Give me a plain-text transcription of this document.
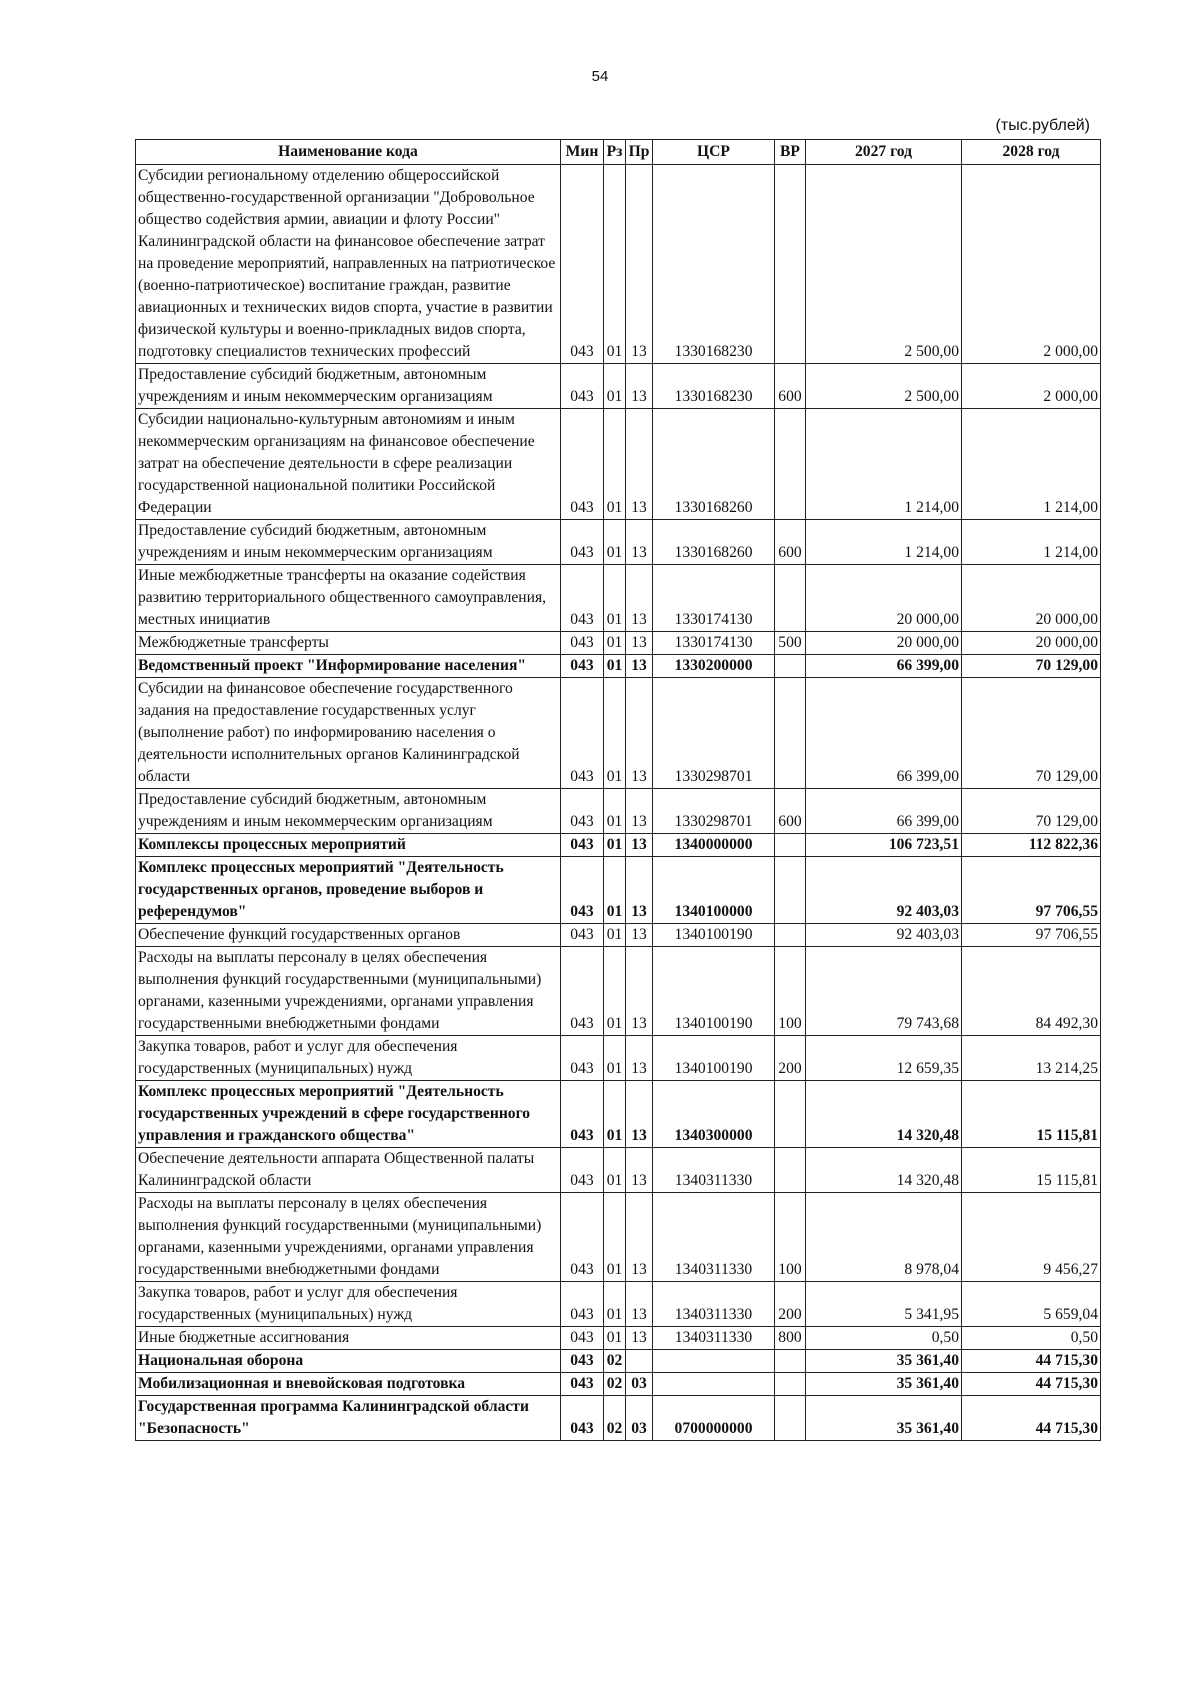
54
(тыс.рублей)
Наименование кода	Мин	Рз	Пр	ЦСР	ВР	2027 год	2028 год
Субсидии региональному отделению общероссийской общественно-государственной организации "Добровольное общество содействия армии, авиации и флоту России" Калининградской области на финансовое обеспечение затрат на проведение мероприятий, направленных на патриотическое (военно-патриотическое) воспитание граждан, развитие авиационных и технических видов спорта, участие в развитии физической культуры и военно-прикладных видов спорта, подготовку специалистов технических профессий	043	01	13	1330168230		2 500,00	2 000,00
Предоставление субсидий бюджетным, автономным учреждениям и иным некоммерческим организациям	043	01	13	1330168230	600	2 500,00	2 000,00
Субсидии национально-культурным автономиям и иным некоммерческим организациям на финансовое обеспечение затрат на обеспечение деятельности в сфере реализации государственной национальной политики Российской Федерации	043	01	13	1330168260		1 214,00	1 214,00
Предоставление субсидий бюджетным, автономным учреждениям и иным некоммерческим организациям	043	01	13	1330168260	600	1 214,00	1 214,00
Иные межбюджетные трансферты на оказание содействия развитию территориального общественного самоуправления, местных инициатив	043	01	13	1330174130		20 000,00	20 000,00
Межбюджетные трансферты	043	01	13	1330174130	500	20 000,00	20 000,00
Ведомственный проект "Информирование населения"	043	01	13	1330200000		66 399,00	70 129,00
Субсидии на финансовое обеспечение государственного задания на предоставление государственных услуг (выполнение работ) по информированию населения о деятельности исполнительных органов Калининградской области	043	01	13	1330298701		66 399,00	70 129,00
Предоставление субсидий бюджетным, автономным учреждениям и иным некоммерческим организациям	043	01	13	1330298701	600	66 399,00	70 129,00
Комплексы процессных мероприятий	043	01	13	1340000000		106 723,51	112 822,36
Комплекс процессных мероприятий "Деятельность государственных органов, проведение выборов и референдумов"	043	01	13	1340100000		92 403,03	97 706,55
Обеспечение функций государственных органов	043	01	13	1340100190		92 403,03	97 706,55
Расходы на выплаты персоналу в целях обеспечения выполнения функций государственными (муниципальными) органами, казенными учреждениями, органами управления государственными внебюджетными фондами	043	01	13	1340100190	100	79 743,68	84 492,30
Закупка товаров, работ и услуг для обеспечения государственных (муниципальных) нужд	043	01	13	1340100190	200	12 659,35	13 214,25
Комплекс процессных мероприятий "Деятельность государственных учреждений в сфере государственного управления и гражданского общества"	043	01	13	1340300000		14 320,48	15 115,81
Обеспечение деятельности аппарата Общественной палаты Калининградской области	043	01	13	1340311330		14 320,48	15 115,81
Расходы на выплаты персоналу в целях обеспечения выполнения функций государственными (муниципальными) органами, казенными учреждениями, органами управления государственными внебюджетными фондами	043	01	13	1340311330	100	8 978,04	9 456,27
Закупка товаров, работ и услуг для обеспечения государственных (муниципальных) нужд	043	01	13	1340311330	200	5 341,95	5 659,04
Иные бюджетные ассигнования	043	01	13	1340311330	800	0,50	0,50
Национальная оборона	043	02				35 361,40	44 715,30
Мобилизационная и вневойсковая подготовка	043	02	03			35 361,40	44 715,30
Государственная программа Калининградской области "Безопасность"	043	02	03	0700000000		35 361,40	44 715,30
